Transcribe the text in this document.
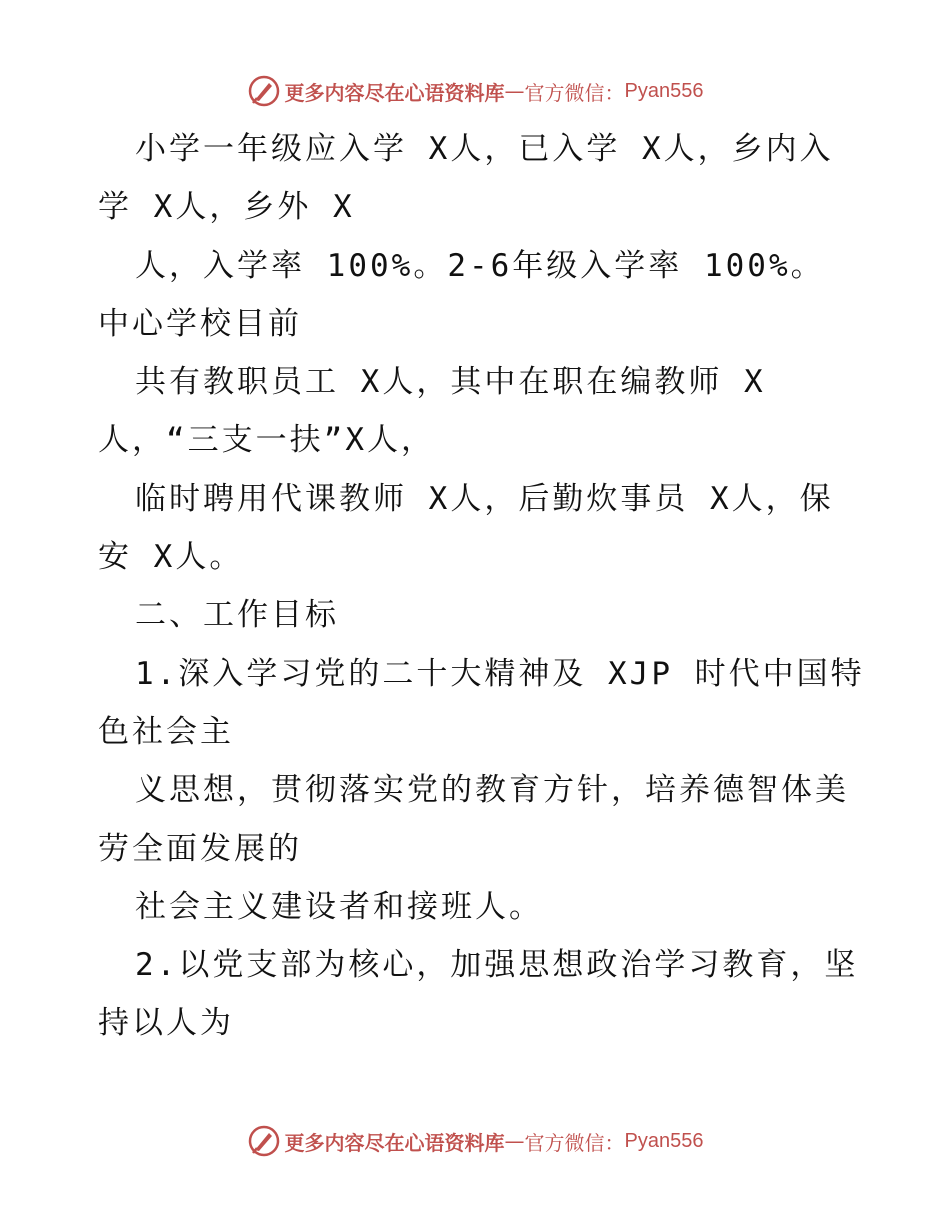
更多内容尽在心语资料库 — 官方微信： Pyan556
小学一年级应入学 X人，已入学 X人，乡内入
学 X人，乡外 X
人，入学率 100%。2-6年级入学率 100%。
中心学校目前
共有教职员工 X人，其中在职在编教师 X
人，“三支一扶”X人，
临时聘用代课教师 X人，后勤炊事员 X人，保
安 X人。
二、工作目标
1.深入学习党的二十大精神及 XJP 时代中国特
色社会主
义思想，贯彻落实党的教育方针，培养德智体美
劳全面发展的
社会主义建设者和接班人。
2.以党支部为核心，加强思想政治学习教育，坚
持以人为
更多内容尽在心语资料库 — 官方微信： Pyan556
